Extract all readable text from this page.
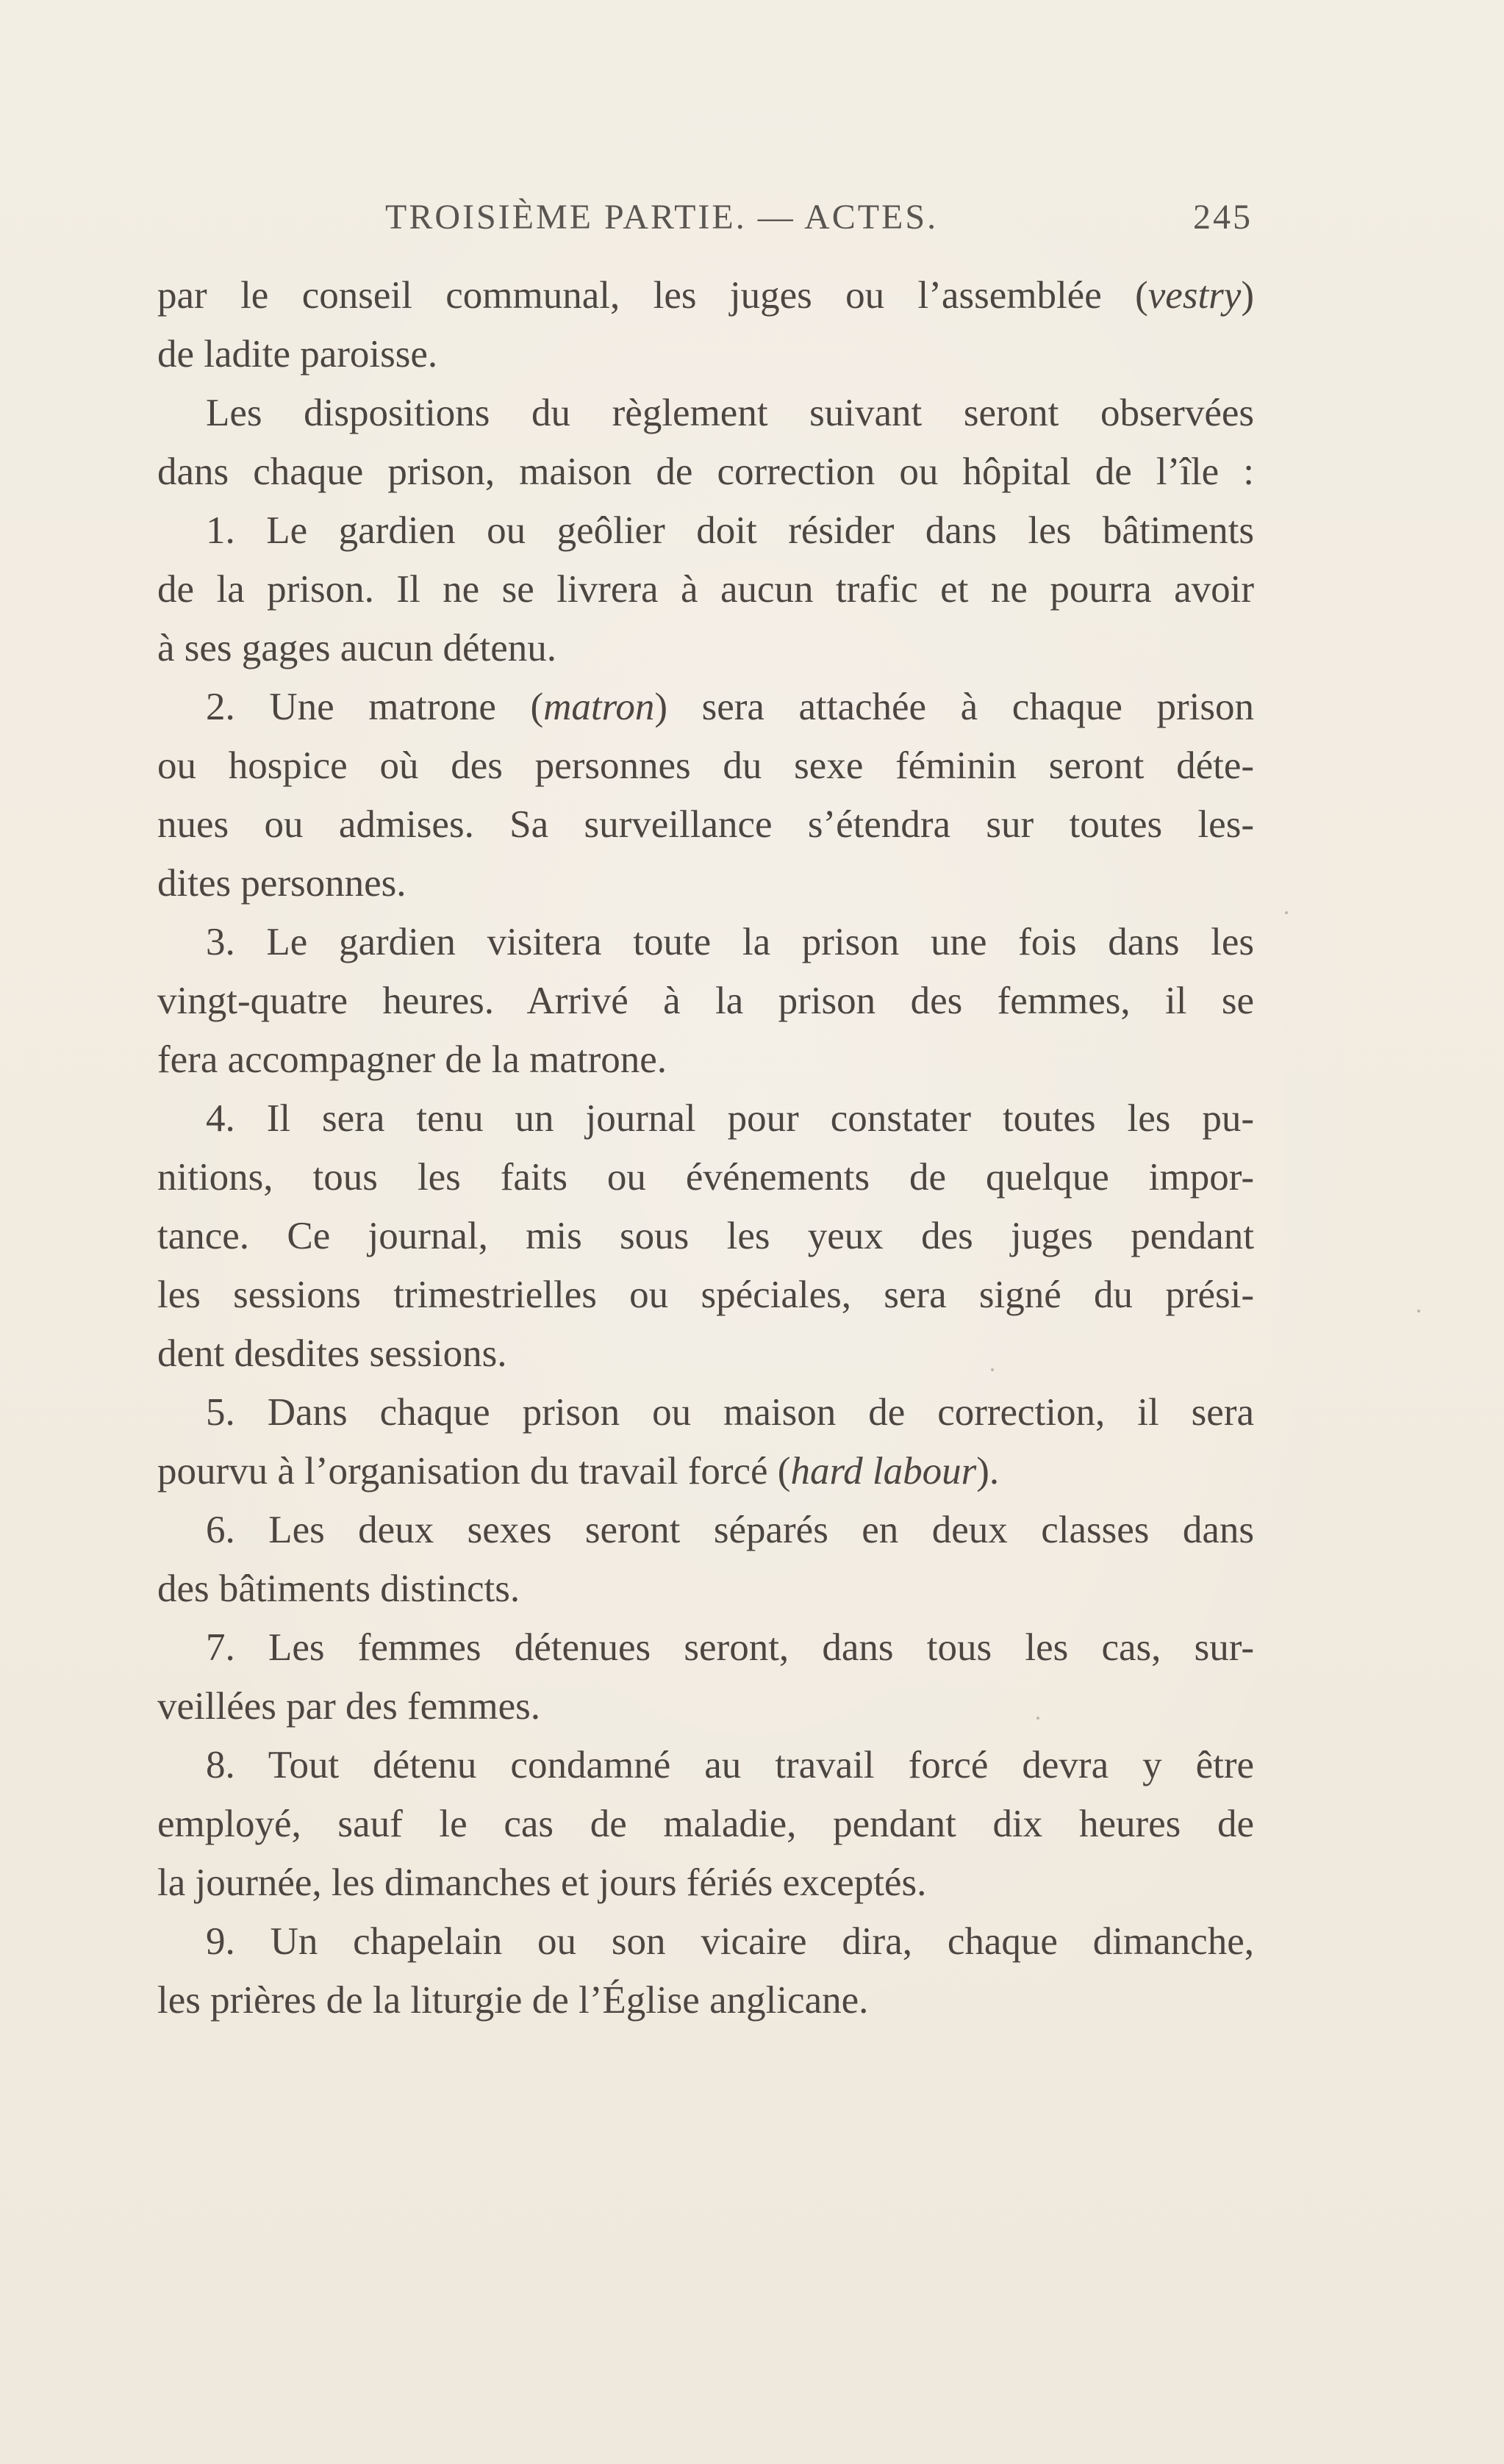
TROISIÈME PARTIE. — ACTES.	245
par le conseil communal, les juges ou l’assemblée (vestry)
de ladite paroisse.
Les dispositions du règlement suivant seront observées
dans chaque prison, maison de correction ou hôpital de l’île :
1. Le gardien ou geôlier doit résider dans les bâtiments
de la prison. Il ne se livrera à aucun trafic et ne pourra avoir
à ses gages aucun détenu.
2. Une matrone (matron) sera attachée à chaque prison
ou hospice où des personnes du sexe féminin seront déte-
nues ou admises. Sa surveillance s’étendra sur toutes les-
dites personnes.
3. Le gardien visitera toute la prison une fois dans les
vingt-quatre heures. Arrivé à la prison des femmes, il se
fera accompagner de la matrone.
4. Il sera tenu un journal pour constater toutes les pu-
nitions, tous les faits ou événements de quelque impor-
tance. Ce journal, mis sous les yeux des juges pendant
les sessions trimestrielles ou spéciales, sera signé du prési-
dent desdites sessions.
5. Dans chaque prison ou maison de correction, il sera
pourvu à l’organisation du travail forcé (hard labour).
6. Les deux sexes seront séparés en deux classes dans
des bâtiments distincts.
7. Les femmes détenues seront, dans tous les cas, sur-
veillées par des femmes.
8. Tout détenu condamné au travail forcé devra y être
employé, sauf le cas de maladie, pendant dix heures de
la journée, les dimanches et jours fériés exceptés.
9. Un chapelain ou son vicaire dira, chaque dimanche,
les prières de la liturgie de l’Église anglicane.
